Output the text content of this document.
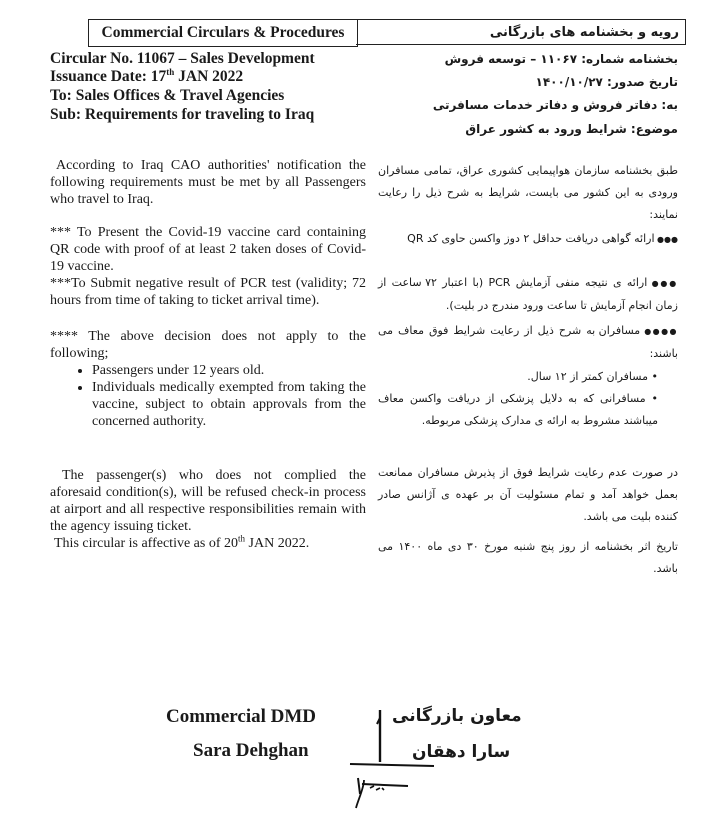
Commercial Circulars & Procedures	رویه و بخشنامه های بازرگانی
Circular No. 11067 – Sales Development
Issuance Date: 17th JAN 2022
To: Sales Offices & Travel Agencies
Sub: Requirements for traveling to Iraq
بخشنامه شماره: ۱۱۰۶۷ – توسعه فروش
تاریخ صدور: ۱۴۰۰/۱۰/۲۷
به: دفاتر فروش و دفاتر خدمات مسافرتی
موضوع: شرایط ورود به کشور عراق
According to Iraq CAO authorities' notification the following requirements must be met by all Passengers who travel to Iraq.
*** To Present the Covid-19 vaccine card containing QR code with proof of at least 2 taken doses of Covid-19 vaccine.
***To Submit negative result of PCR test (validity; 72 hours from time of taking to ticket arrival time).
**** The above decision does not apply to the following;
• Passengers under 12 years old.
• Individuals medically exempted from taking the vaccine, subject to obtain approvals from the concerned authority.
The passenger(s) who does not complied the aforesaid condition(s), will be refused check-in process at airport and all respective responsibilities remain with the agency issuing ticket.
This circular is affective as of 20th JAN 2022.
طبق بخشنامه سازمان هواپیمایی کشوری عراق، تمامی مسافران ورودی به این کشور می بایست، شرایط به شرح ذیل را رعایت نمایند:
●●● ارائه گواهی دریافت حداقل ۲ دوز واکسن حاوی کد QR
●●● ارائه ی نتیجه منفی آزمایش PCR (با اعتبار ۷۲ ساعت از زمان انجام آزمایش تا ساعت ورود مندرج در بلیت).
●●●● مسافران به شرح ذیل از رعایت شرایط فوق معاف می باشند:
• مسافران کمتر از ۱۲ سال.
• مسافرانی که به دلایل پزشکی از دریافت واکسن معاف میباشند مشروط به ارائه ی مدارک پزشکی مربوطه.
در صورت عدم رعایت شرایط فوق از پذیرش مسافران ممانعت بعمل خواهد آمد و تمام مسئولیت آن بر عهده ی آژانس صادر کننده بلیت می باشد.
تاریخ اثر بخشنامه از روز پنج شنبه مورخ ۳۰ دی ماه ۱۴۰۰ می باشد.
Commercial DMD
Sara Dehghan
معاون بازرگانی
سارا دهقان
